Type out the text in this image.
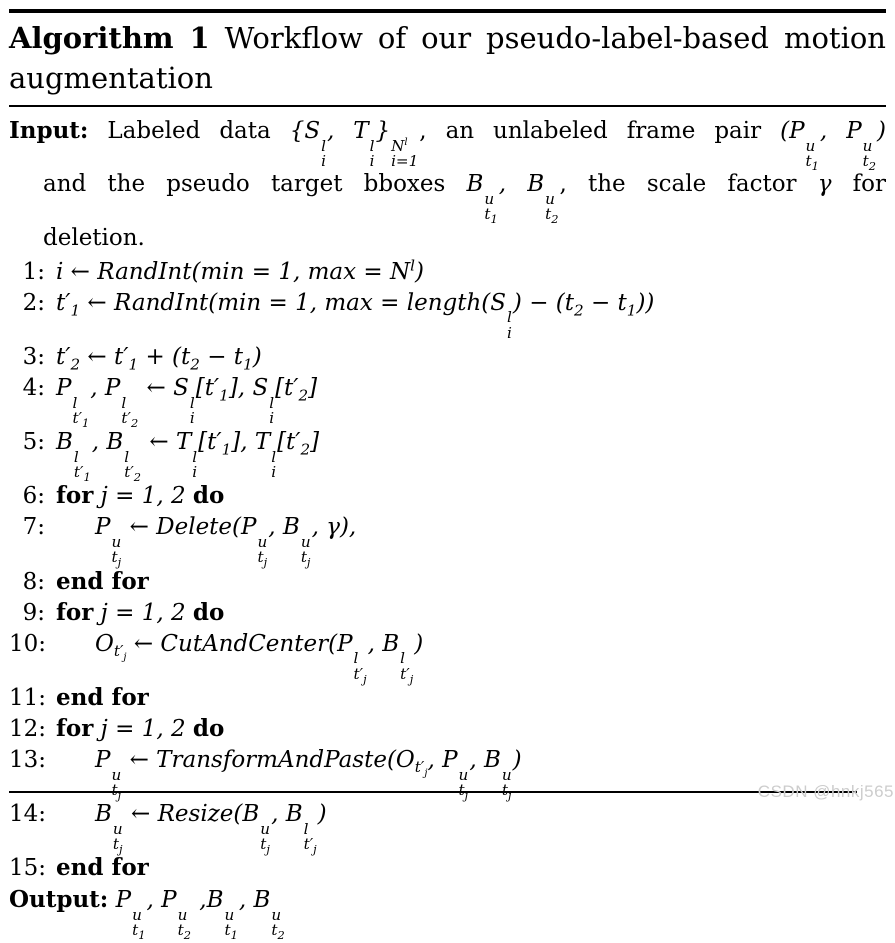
Algorithm 1 Workflow of our pseudo-label-based motion
augmentation
Input: Labeled data {S
l
i
, T
l
i
}
$N^l$
i=1
, an unlabeled frame pair (P
u
$t_1$
, P
u
$t_2$
)
and the pseudo target bboxes B
u
$t_1$
, B
u
$t_2$
, the scale factor γ for
deletion.
1: i ← RandInt(min = 1, $\max = N^l$)
2: $t'_1$ ← RandInt(min = 1, max = length(S
l
i
) − $(t_2 - t_1)$)
3: $t'_2$ ← $t'_1 + (t_2 - t_1)$
4: P
l
$t'_1$
, P
l
$t'_2$
← S
l
i
$[t'_1]$, S
l
i
$[t'_2]$
5: B
l
$t'_1$
, B
l
$t'_2$
← T
l
i
$[t'_1]$, T
l
i
$[t'_2]$
6: for j = 1, 2 do
7:	P
u
$t_j$
← Delete(P
u
$t_j$
, B
u
$t_j$
, γ),
8: end for
9: for j = 1, 2 do
10:	$O_{t'_j}$ ← CutAndCenter(P
l
$t'_j$
, B
l
$t'_j$
)
11: end for
12: for j = 1, 2 do
13:	P
u
$t_j$
← $TransformAndPaste(O_{t'_j}$, P
u
$t_j$
, B
u
$t_j$
)
14:	B
u
$t_j$
← Resize(B
u
$t_j$
, B
l
$t'_j$
)
15: end for
Output: P
u
$t_1$
, P
u
$t_2$
,B
u
$t_1$
, B
u
$t_2$
CSDN @hnkj565
